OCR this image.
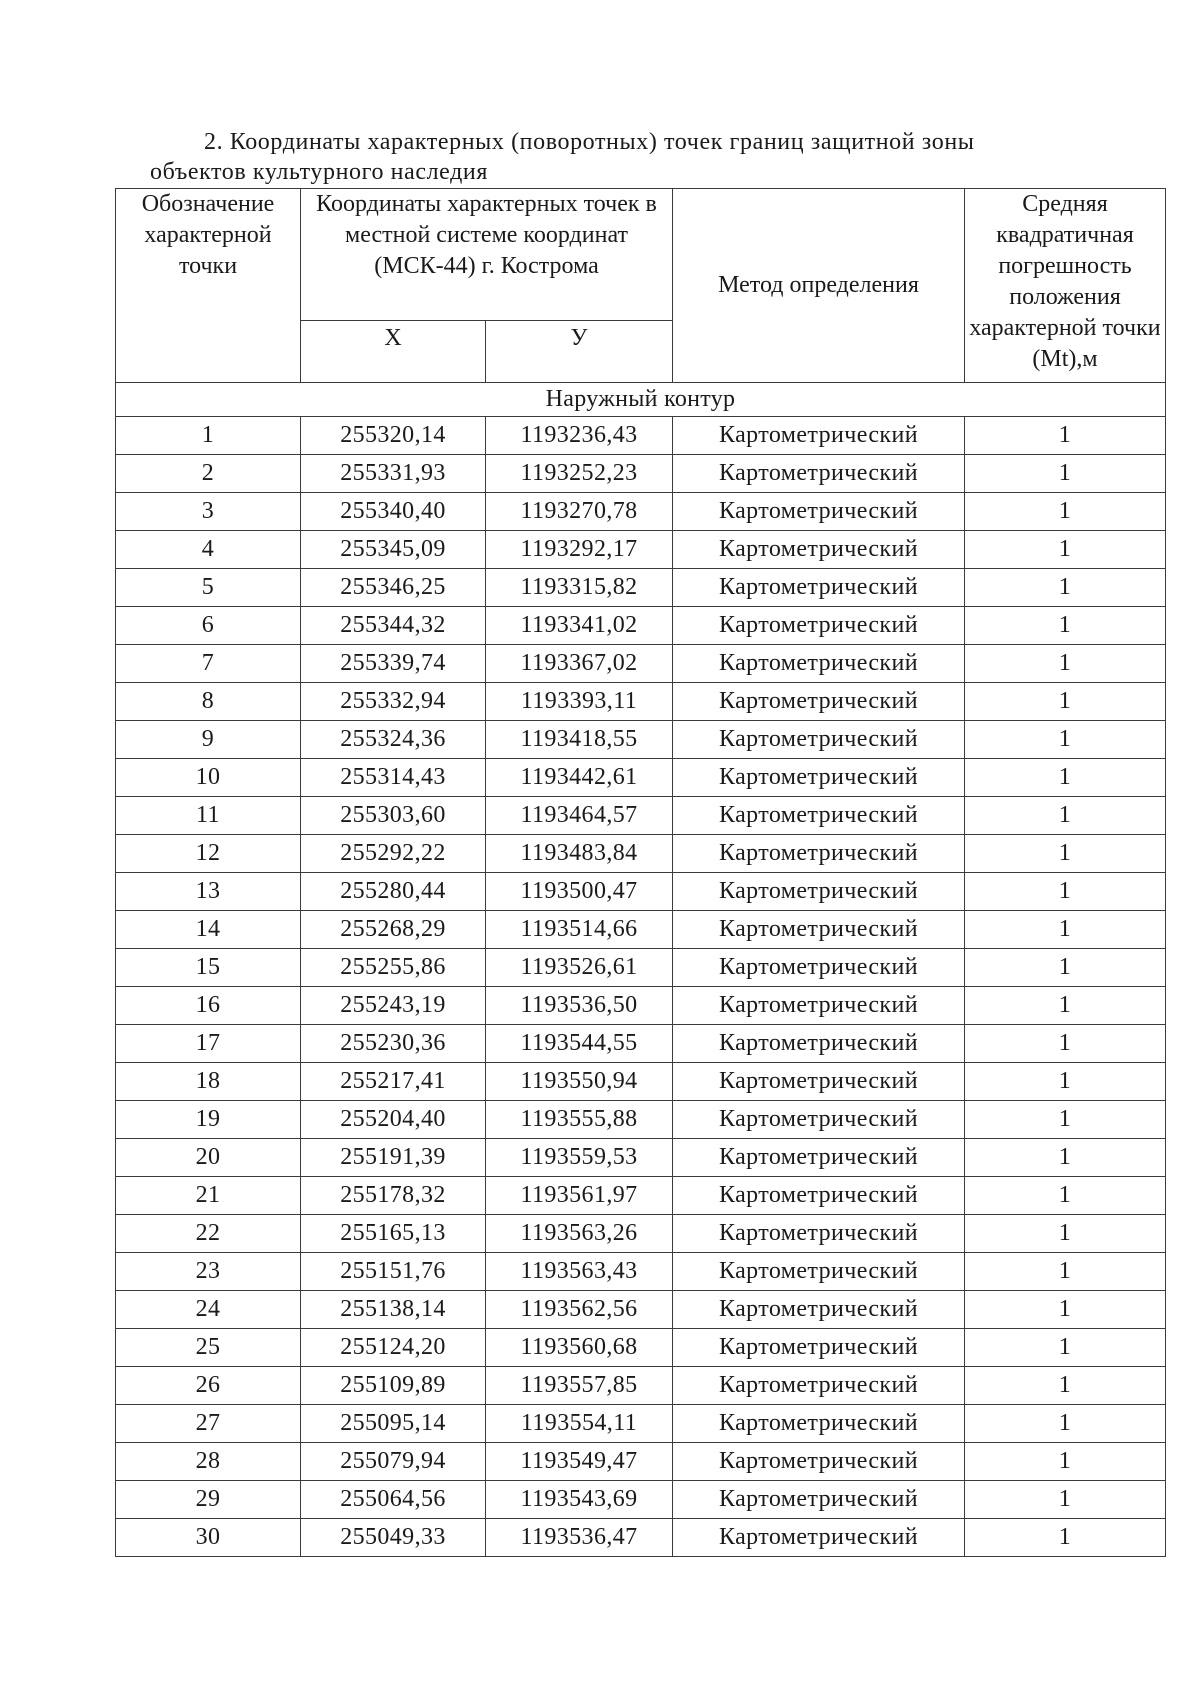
2. Координаты характерных (поворотных) точек границ защитной зоны
объектов культурного наследия
Обозначение характерной точки	Координаты характерных точек в местной системе координат (МСК-44) г. Кострома		Метод определения	Средняя квадратичная погрешность положения характерной точки (Mt),м
	X	У		
Наружный контур				
1	255320,14	1193236,43	Картометрический	1
2	255331,93	1193252,23	Картометрический	1
3	255340,40	1193270,78	Картометрический	1
4	255345,09	1193292,17	Картометрический	1
5	255346,25	1193315,82	Картометрический	1
6	255344,32	1193341,02	Картометрический	1
7	255339,74	1193367,02	Картометрический	1
8	255332,94	1193393,11	Картометрический	1
9	255324,36	1193418,55	Картометрический	1
10	255314,43	1193442,61	Картометрический	1
11	255303,60	1193464,57	Картометрический	1
12	255292,22	1193483,84	Картометрический	1
13	255280,44	1193500,47	Картометрический	1
14	255268,29	1193514,66	Картометрический	1
15	255255,86	1193526,61	Картометрический	1
16	255243,19	1193536,50	Картометрический	1
17	255230,36	1193544,55	Картометрический	1
18	255217,41	1193550,94	Картометрический	1
19	255204,40	1193555,88	Картометрический	1
20	255191,39	1193559,53	Картометрический	1
21	255178,32	1193561,97	Картометрический	1
22	255165,13	1193563,26	Картометрический	1
23	255151,76	1193563,43	Картометрический	1
24	255138,14	1193562,56	Картометрический	1
25	255124,20	1193560,68	Картометрический	1
26	255109,89	1193557,85	Картометрический	1
27	255095,14	1193554,11	Картометрический	1
28	255079,94	1193549,47	Картометрический	1
29	255064,56	1193543,69	Картометрический	1
30	255049,33	1193536,47	Картометрический	1
